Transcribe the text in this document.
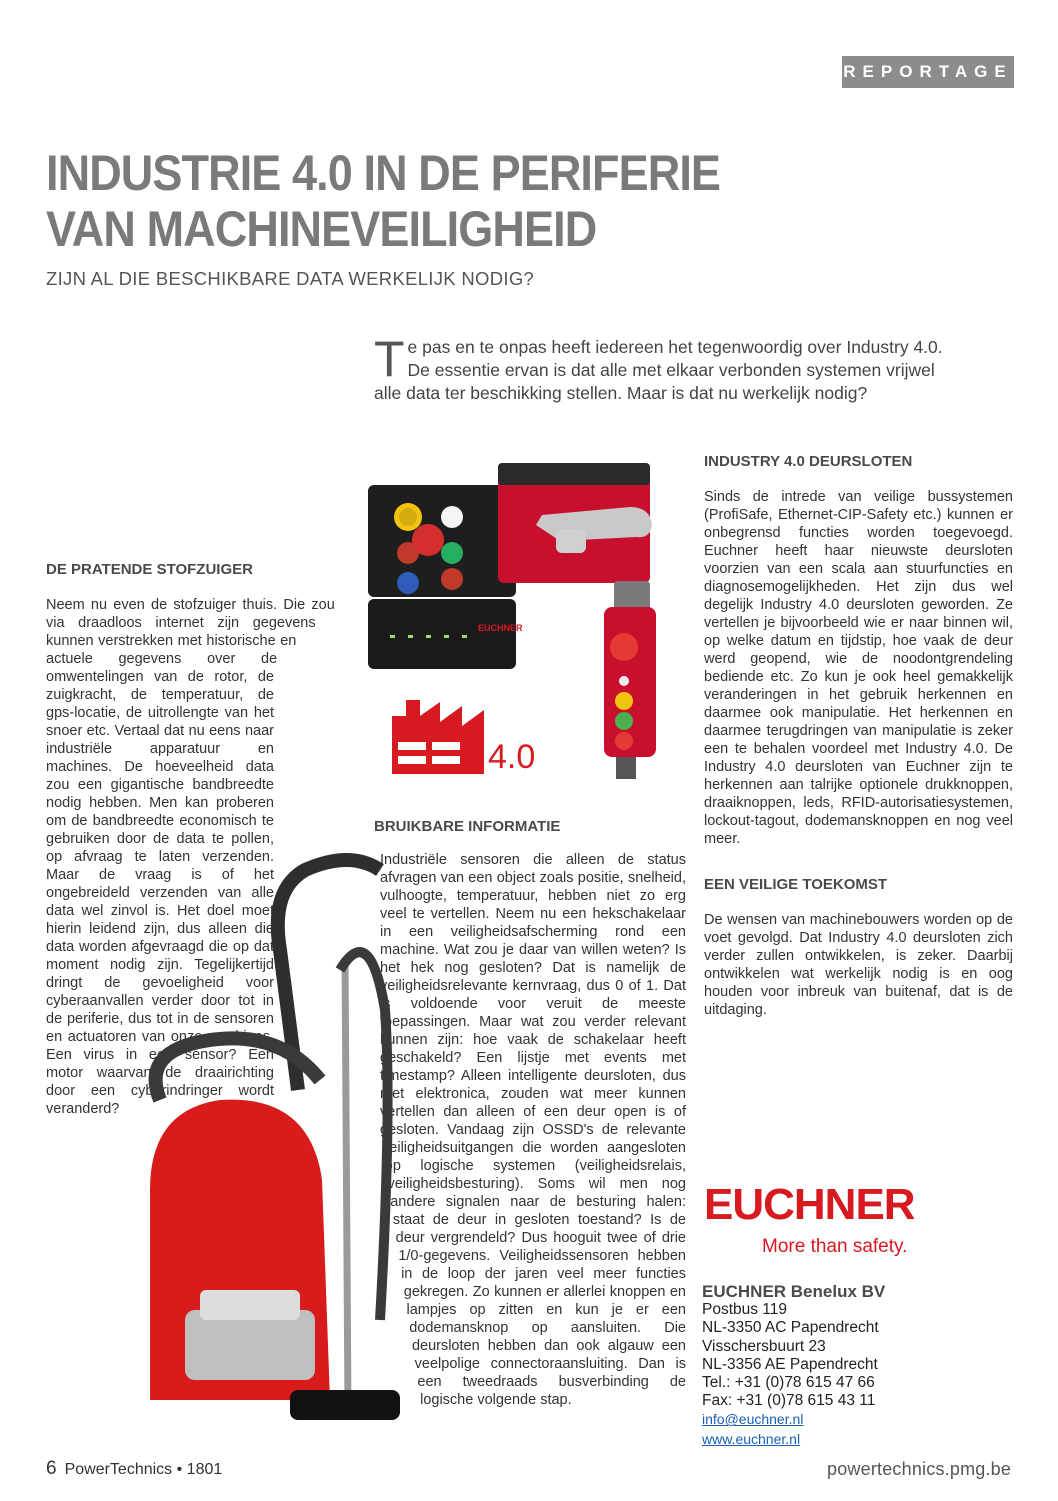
REPORTAGE
INDUSTRIE 4.0 IN DE PERIFERIE
VAN MACHINEVEILIGHEID
ZIJN AL DIE BESCHIKBARE DATA WERKELIJK NODIG?
Te pas en te onpas heeft iedereen het tegenwoordig over Industry 4.0. De essentie ervan is dat alle met elkaar verbonden systemen vrijwel alle data ter beschikking stellen. Maar is dat nu werkelijk nodig?
DE PRATENDE STOFZUIGER
Neem nu even de stofzuiger thuis. Die zou via draadloos internet zijn gegevens kunnen verstrekken met historische en actuele gegevens over de omwentelingen van de rotor, de zuigkracht, de temperatuur, de gps-locatie, de uitrollengte van het snoer etc. Vertaal dat nu eens naar industriële apparatuur en machines. De hoeveelheid data zou een gigantische bandbreedte nodig hebben. Men kan proberen om de bandbreedte economisch te gebruiken door de data te pollen, op afvraag te laten verzenden. Maar de vraag is of het ongebreideld verzenden van alle data wel zinvol is. Het doel moet hierin leidend zijn, dus alleen die data worden afgevraagd die op dat moment nodig zijn. Tegelijkertijd dringt de gevoeligheid voor cyberaanvallen verder door tot in de periferie, dus tot in de sensoren en actuatoren van onze machines. Een virus in een sensor? Een motor waarvan de draairichting door een cyberindringer wordt veranderd?
BRUIKBARE INFORMATIE
Industriële sensoren die alleen de status afvragen van een object zoals positie, snelheid, vulhoogte, temperatuur, hebben niet zo erg veel te vertellen. Neem nu een hekschakelaar in een veiligheidsafscherming rond een machine. Wat zou je daar van willen weten? Is het hek nog gesloten? Dat is namelijk de veiligheidsrelevante kernvraag, dus 0 of 1. Dat is voldoende voor veruit de meeste toepassingen. Maar wat zou verder relevant kunnen zijn: hoe vaak de schakelaar heeft geschakeld? Een lijstje met events met timestamp? Alleen intelligente deursloten, dus met elektronica, zouden wat meer kunnen vertellen dan alleen of een deur open is of gesloten. Vandaag zijn OSSD's de relevante veiligheidsuitgangen die worden aangesloten op logische systemen (veiligheidsrelais, veiligheidsbesturing). Soms wil men nog andere signalen naar de besturing halen: staat de deur in gesloten toestand? Is de deur vergrendeld? Dus hooguit twee of drie 1/0-gegevens. Veiligheidssensoren hebben in de loop der jaren veel meer functies gekregen. Zo kunnen er allerlei knoppen en lampjes op zitten en kun je er een dodemansknop op aansluiten. Die deursloten hebben dan ook algauw een veelpolige connectoraansluiting. Dan is een tweedraads busverbinding de logische volgende stap.
INDUSTRY 4.0 DEURSLOTEN
Sinds de intrede van veilige bussystemen (ProfiSafe, Ethernet-CIP-Safety etc.) kunnen er onbegrensd functies worden toegevoegd. Euchner heeft haar nieuwste deursloten voorzien van een scala aan stuurfuncties en diagnosemogelijkheden. Het zijn dus wel degelijk Industry 4.0 deursloten geworden. Ze vertellen je bijvoorbeeld wie er naar binnen wil, op welke datum en tijdstip, hoe vaak de deur werd geopend, wie de noodontgrendeling bediende etc. Zo kun je ook heel gemakkelijk veranderingen in het gebruik herkennen en daarmee ook manipulatie. Het herkennen en daarmee terugdringen van manipulatie is zeker een te behalen voordeel met Industry 4.0. De Industry 4.0 deursloten van Euchner zijn te herkennen aan talrijke optionele drukknoppen, draaiknoppen, leds, RFID-autorisatiesystemen, lockout-tagout, dodemansknoppen en nog veel meer.
EEN VEILIGE TOEKOMST
De wensen van machinebouwers worden op de voet gevolgd. Dat Industry 4.0 deursloten zich verder zullen ontwikkelen, is zeker. Daarbij ontwikkelen wat werkelijk nodig is en oog houden voor inbreuk van buitenaf, dat is de uitdaging.
EUCHNER
4.0
EUCHNER
More than safety.
EUCHNER Benelux BV
Postbus 119
NL-3350 AC Papendrecht
Visschersbuurt 23
NL-3356 AE Papendrecht
Tel.: +31 (0)78 615 47 66
Fax: +31 (0)78 615 43 11
info@euchner.nl
www.euchner.nl
6 PowerTechnics • 1801	powertechnics.pmg.be
